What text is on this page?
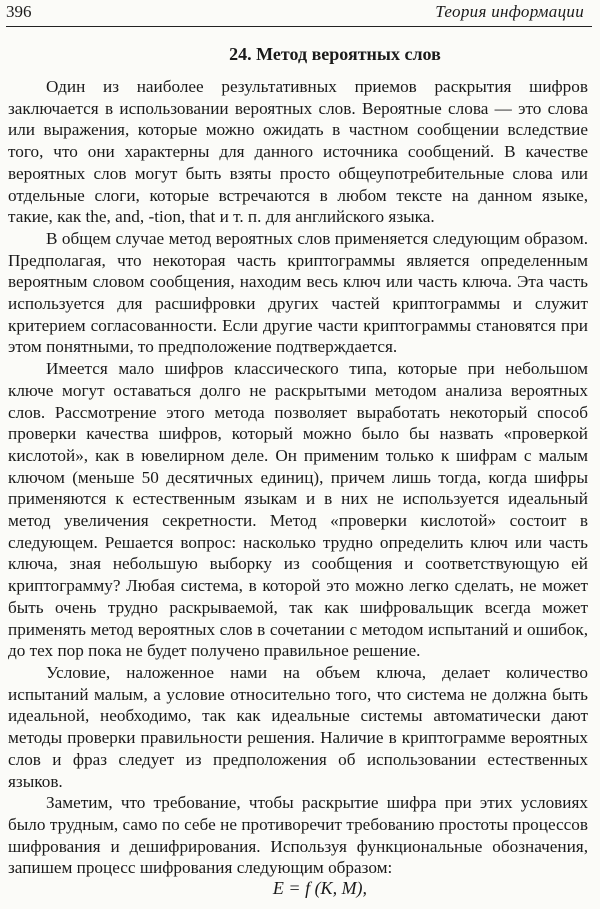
396	Теория информации
24. Метод вероятных слов

Один из наиболее результативных приемов раскрытия шифров заключается в использовании вероятных слов. Вероятные слова — это слова или выражения, которые можно ожидать в частном сообщении вследствие того, что они характерны для данного источника сообщений. В качестве вероятных слов могут быть взяты просто общеупотребительные слова или отдельные слоги, которые встречаются в любом тексте на данном языке, такие, как the, and, -tion, that и т. п. для английского языка.

В общем случае метод вероятных слов применяется следующим образом. Предполагая, что некоторая часть криптограммы является определенным вероятным словом сообщения, находим весь ключ или часть ключа. Эта часть используется для расшифровки других частей криптограммы и служит критерием согласованности. Если другие части криптограммы становятся при этом понятными, то предположение подтверждается.

Имеется мало шифров классического типа, которые при небольшом ключе могут оставаться долго не раскрытыми методом анализа вероятных слов. Рассмотрение этого метода позволяет выработать некоторый способ проверки качества шифров, который можно было бы назвать «проверкой кислотой», как в ювелирном деле. Он применим только к шифрам с малым ключом (меньше 50 десятичных единиц), причем лишь тогда, когда шифры применяются к естественным языкам и в них не используется идеальный метод увеличения секретности. Метод «проверки кислотой» состоит в следующем. Решается вопрос: насколько трудно определить ключ или часть ключа, зная небольшую выборку из сообщения и соответствующую ей криптограмму? Любая система, в которой это можно легко сделать, не может быть очень трудно раскрываемой, так как шифровальщик всегда может применять метод вероятных слов в сочетании с методом испытаний и ошибок, до тех пор пока не будет получено правильное решение.

Условие, наложенное нами на объем ключа, делает количество испытаний малым, а условие относительно того, что система не должна быть идеальной, необходимо, так как идеальные системы автоматически дают методы проверки правильности решения. Наличие в криптограмме вероятных слов и фраз следует из предположения об использовании естественных языков.

Заметим, что требование, чтобы раскрытие шифра при этих условиях было трудным, само по себе не противоречит требованию простоты процессов шифрования и дешифрирования. Используя функциональные обозначения, запишем процесс шифрования следующим образом:

E = f (K, M),
